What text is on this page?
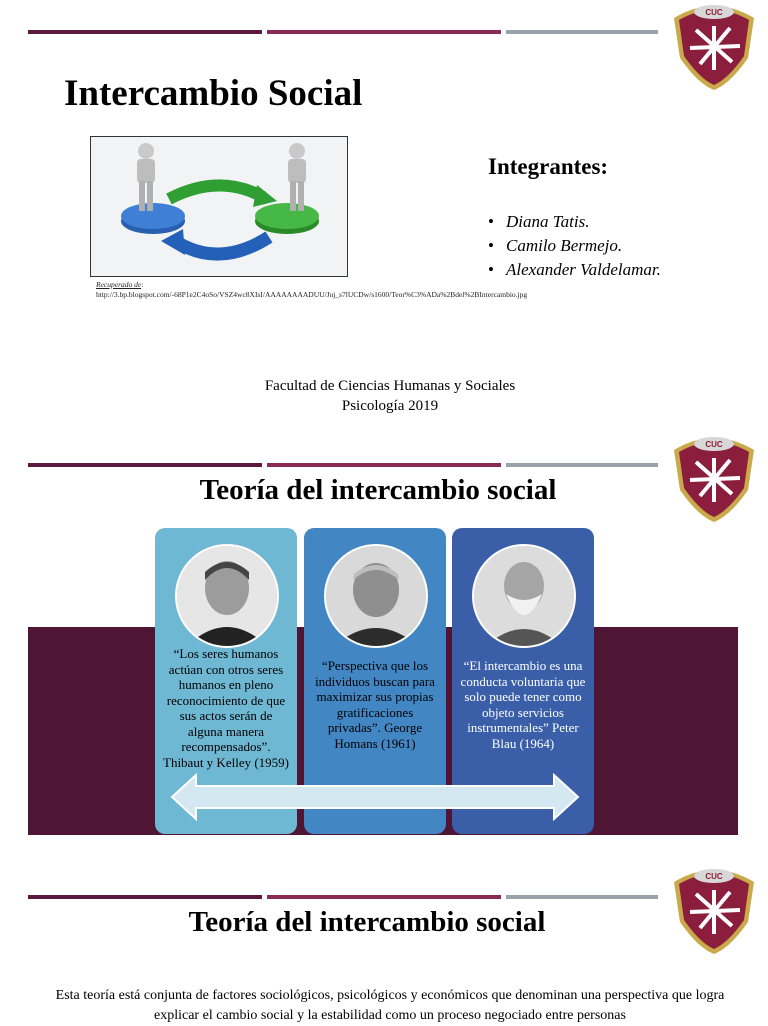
CUC
Intercambio Social
Recuperado de: http://3.bp.blogspot.com/-68P1e2C4oSo/VSZ4wc8XIsI/AAAAAAAADUU/Juj_s7lUCDw/s1600/Teor%C3%ADa%2Bdel%2BIntercambio.jpg
Integrantes:
• Diana Tatis.
• Camilo Bermejo.
• Alexander Valdelamar.
Facultad de Ciencias Humanas y Sociales
Psicología 2019
CUC
Teoría del intercambio social
“Los seres humanos actúan con otros seres humanos en pleno reconocimiento de que sus actos serán de alguna manera recompensados”. Thibaut y Kelley (1959)
“Perspectiva que los individuos buscan para maximizar sus propias gratificaciones privadas”. George Homans (1961)
“El intercambio es una conducta voluntaria que solo puede tener como objeto servicios instrumentales” Peter Blau (1964)
CUC
Teoría del intercambio social
Esta teoría está conjunta de factores sociológicos, psicológicos y económicos que denominan una perspectiva que logra explicar el cambio social y la estabilidad como un proceso negociado entre personas
